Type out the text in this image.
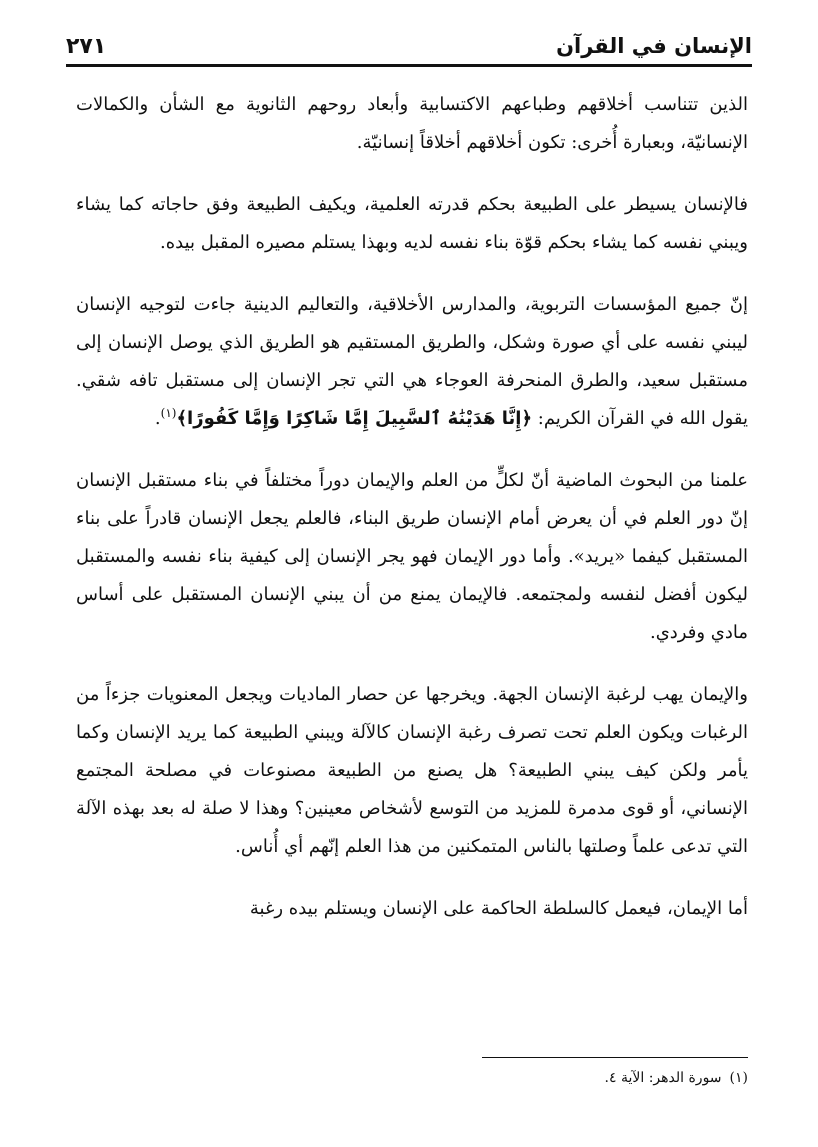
الإنسان في القرآن
٢٧١

الذين تتناسب أخلاقهم وطباعهم الاكتسابية وأبعاد روحهم الثانوية مع الشأن والكمالات الإنسانيّة، وبعبارة أُخرى: تكون أخلاقهم أخلاقاً إنسانيّة.

فالإنسان يسيطر على الطبيعة بحكم قدرته العلمية، ويكيف الطبيعة وفق حاجاته كما يشاء ويبني نفسه كما يشاء بحكم قوّة بناء نفسه لديه وبهذا يستلم مصيره المقبل بيده.

إنّ جميع المؤسسات التربوية، والمدارس الأخلاقية، والتعاليم الدينية جاءت لتوجيه الإنسان ليبني نفسه على أي صورة وشكل، والطريق المستقيم هو الطريق الذي يوصل الإنسان إلى مستقبل سعيد، والطرق المنحرفة العوجاء هي التي تجر الإنسان إلى مستقبل تافه شقي. يقول الله في القرآن الكريم: ﴿إِنَّا هَدَيْنَٰهُ ٱلسَّبِيلَ إِمَّا شَاكِرًا وَإِمَّا كَفُورًا﴾$^{(١)}$.

علمنا من البحوث الماضية أنّ لكلٍّ من العلم والإيمان دوراً مختلفاً في بناء مستقبل الإنسان إنّ دور العلم في أن يعرض أمام الإنسان طريق البناء، فالعلم يجعل الإنسان قادراً على بناء المستقبل كيفما «يريد». وأما دور الإيمان فهو يجر الإنسان إلى كيفية بناء نفسه والمستقبل ليكون أفضل لنفسه ولمجتمعه. فالإيمان يمنع من أن يبني الإنسان المستقبل على أساس مادي وفردي.

والإيمان يهب لرغبة الإنسان الجهة. ويخرجها عن حصار الماديات ويجعل المعنويات جزءاً من الرغبات ويكون العلم تحت تصرف رغبة الإنسان كالآلة ويبني الطبيعة كما يريد الإنسان وكما يأمر ولكن كيف يبني الطبيعة؟ هل يصنع من الطبيعة مصنوعات في مصلحة المجتمع الإنساني، أو قوى مدمرة للمزيد من التوسع لأشخاص معينين؟ وهذا لا صلة له بعد بهذه الآلة التي تدعى علماً وصلتها بالناس المتمكنين من هذا العلم إنّهم أي أُناس.

أما الإيمان، فيعمل كالسلطة الحاكمة على الإنسان ويستلم بيده رغبة

(١)سورة الدهر: الآية ٤.
